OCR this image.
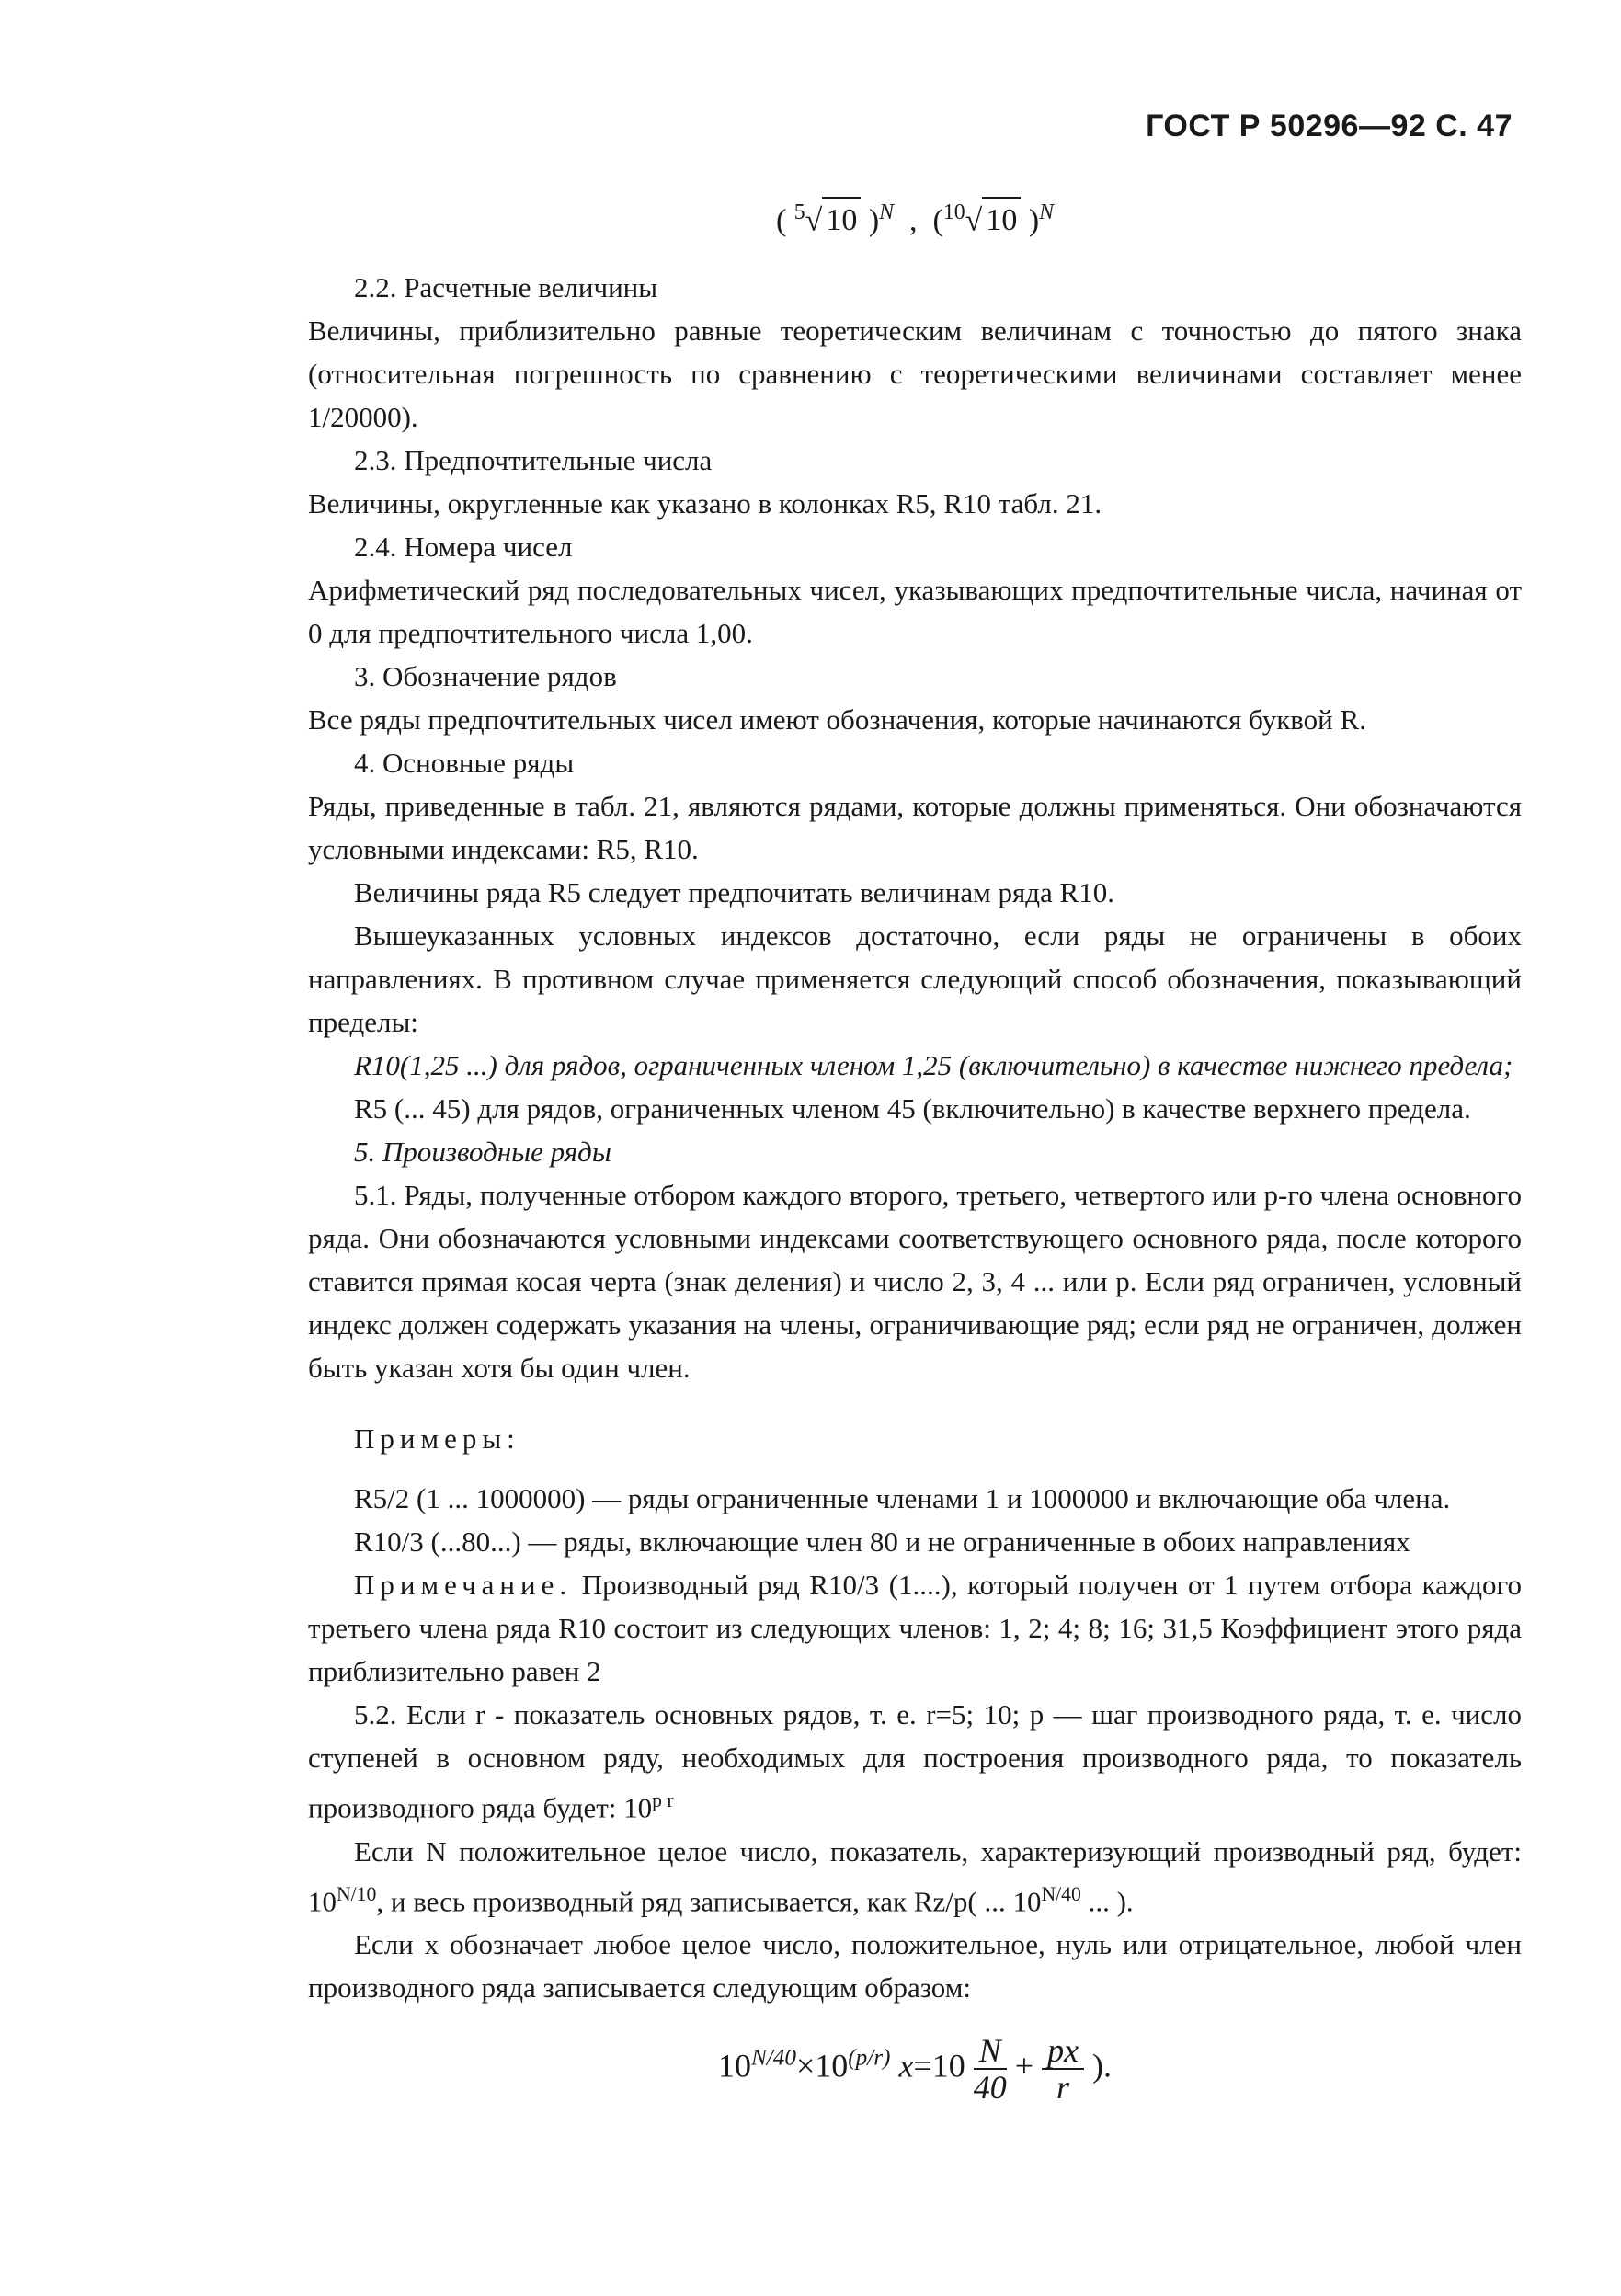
ГОСТ Р 50296—92 С. 47
( $^5$√ 10 )$^N$  ,  ($^{10}$√ 10 )$^N$

2.2. Расчетные величины

Величины, приблизительно равные теоретическим величинам с точностью до пятого знака (относительная погрешность по сравнению с теоретическими величинами составляет менее 1/20000).

2.3. Предпочтительные числа

Величины, округленные как указано в колонках R5, R10 табл. 21.

2.4. Номера чисел

Арифметический ряд последовательных чисел, указывающих предпочтительные числа, начиная от 0 для предпочтительного числа 1,00.

3. Обозначение рядов

Все ряды предпочтительных чисел имеют обозначения, которые начинаются буквой R.

4. Основные ряды

Ряды, приведенные в табл. 21, являются рядами, которые должны применяться. Они обозначаются условными индексами: R5, R10.

Величины ряда R5 следует предпочитать величинам ряда R10.

Вышеуказанных условных индексов достаточно, если ряды не ограничены в обоих направлениях. В противном случае применяется следующий способ обозначения, показывающий пределы:

R10(1,25 ...) для рядов, ограниченных членом 1,25 (включительно) в качестве нижнего предела;

R5 (... 45) для рядов, ограниченных членом 45 (включительно) в качестве верхнего предела.

5. Производные ряды

5.1. Ряды, полученные отбором каждого второго, третьего, четвертого или р-го члена основного ряда. Они обозначаются условными индексами соответствующего основного ряда, после которого ставится прямая косая черта (знак деления) и число 2, 3, 4 ... или р. Если ряд ограничен, условный индекс должен содержать указания на члены, ограничивающие ряд; если ряд не ограничен, должен быть указан хотя бы один член.

Примеры:

R5/2 (1 ... 1000000) — ряды ограниченные членами 1 и 1000000 и включающие оба члена.

R10/3 (...80...) — ряды, включающие член 80 и не ограниченные в обоих направлениях

Примечание. Производный ряд R10/3 (1....), который получен от 1 путем отбора каждого третьего члена ряда R10 состоит из следующих членов: 1, 2; 4; 8; 16; 31,5 Коэффициент этого ряда приблизительно равен 2

5.2. Если r - показатель основных рядов, т. е. r=5; 10; р — шаг производного ряда, т. е. число ступеней в основном ряду, необходимых для построения производного ряда, то показатель производного ряда будет: $10^{p r}$

Если N положительное целое число, показатель, характеризующий производный ряд, будет: $10^{N/10}$, и весь производный ряд записывается, как Rz/p( ... $10^{N/40}$ ... ).

Если х обозначает любое целое число, положительное, нуль или отрицательное, любой член производного ряда записывается следующим образом:

$10^{N/40}\times 10^{(p/r)}$ $x=10 \frac{N}{40} + \frac{px}{r}$ ).
